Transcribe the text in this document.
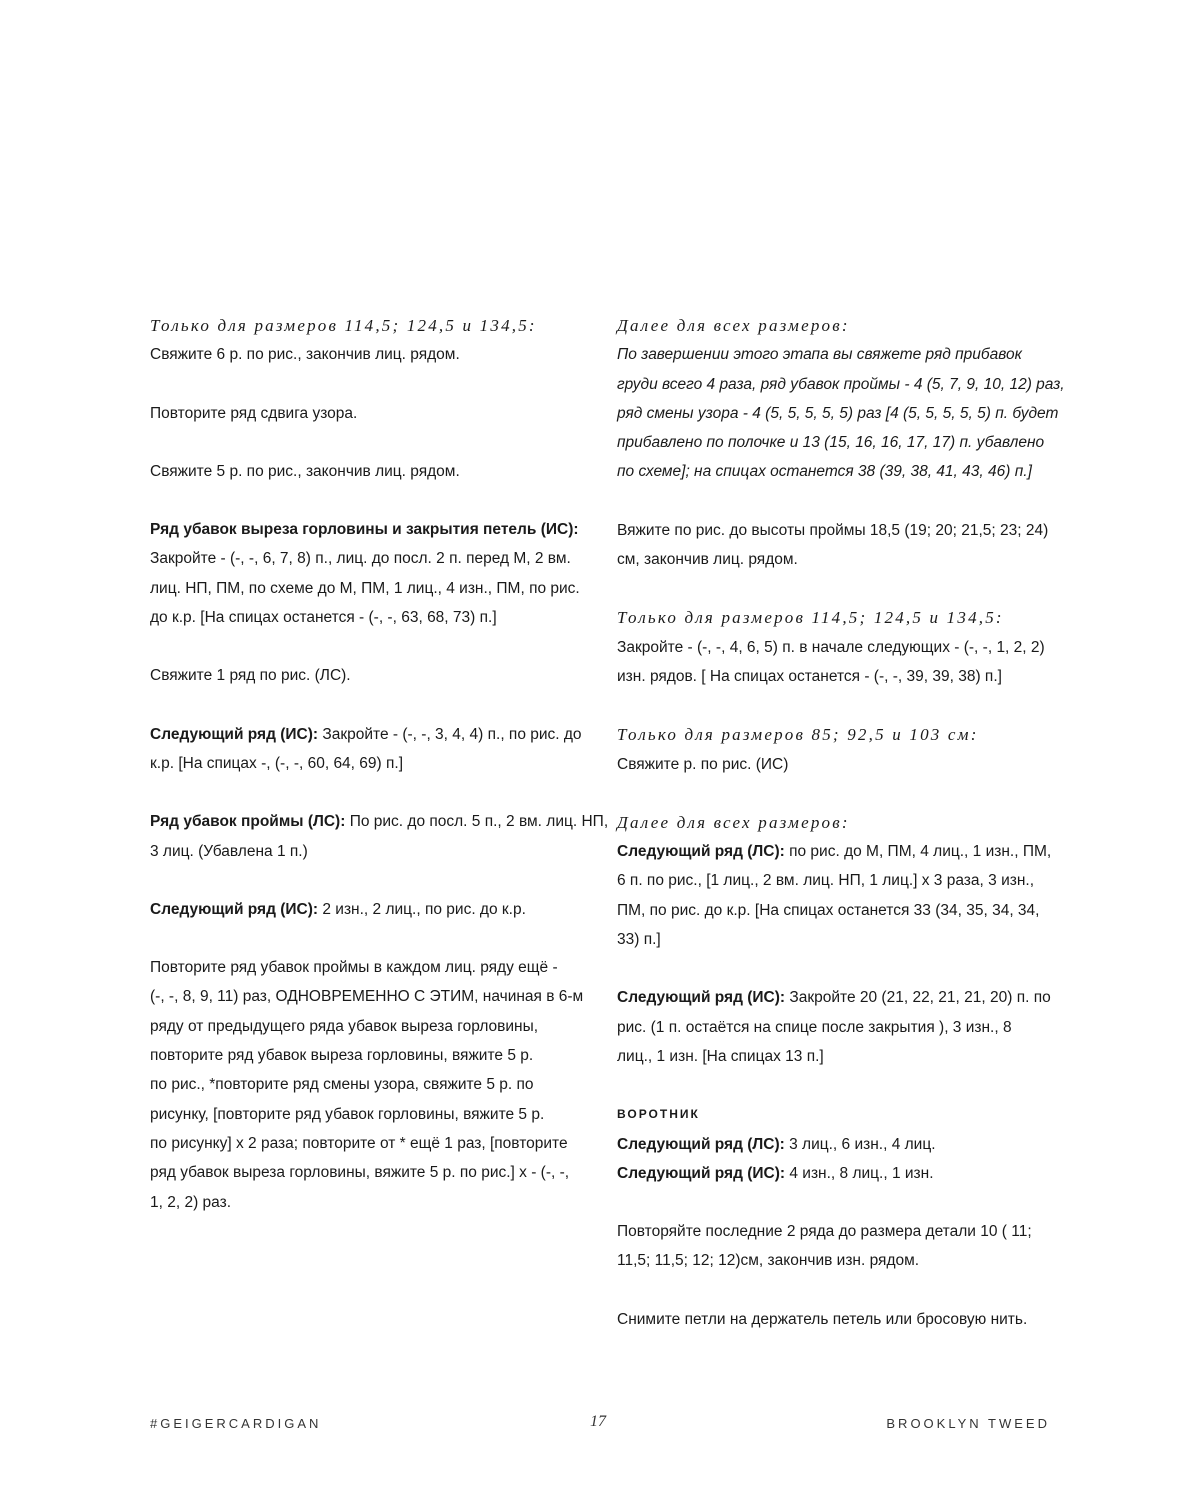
Только для размеров 114,5; 124,5 и 134,5:
Свяжите 6 р. по рис., закончив лиц. рядом.
Повторите ряд сдвига узора.
Свяжите 5 р. по рис., закончив лиц. рядом.
Ряд убавок выреза горловины и закрытия петель (ИС):
Закройте - (-, -, 6, 7, 8) п., лиц. до посл. 2 п. перед М, 2 вм.
лиц. НП, ПМ, по схеме до М, ПМ, 1 лиц., 4 изн., ПМ, по рис.
до к.р. [На спицах останется - (-, -, 63, 68, 73) п.]
Свяжите 1 ряд по рис. (ЛС).
Следующий ряд (ИС): Закройте - (-, -, 3, 4, 4) п., по рис. до
к.р. [На спицах -, (-, -, 60, 64, 69) п.]
Ряд убавок проймы (ЛС): По рис. до посл. 5 п., 2 вм. лиц. НП,
3 лиц. (Убавлена 1 п.)
Следующий ряд (ИС): 2 изн., 2 лиц., по рис. до к.р.
Повторите ряд убавок проймы в каждом лиц. ряду ещё -
(-, -, 8, 9, 11) раз, ОДНОВРЕМЕННО С ЭТИМ, начиная в 6-м
ряду от предыдущего ряда убавок выреза горловины,
повторите ряд убавок выреза горловины, вяжите 5 р.
по рис., *повторите ряд смены узора, свяжите 5 р. по
рисунку, [повторите ряд убавок горловины, вяжите 5 р.
по рисунку] х 2 раза; повторите от * ещё 1 раз, [повторите
ряд убавок выреза горловины, вяжите 5 р. по рис.] х - (-, -,
1, 2, 2) раз.
Далее для всех размеров:
По завершении этого этапа вы свяжете ряд прибавок
груди всего 4 раза, ряд убавок проймы - 4 (5, 7, 9, 10, 12) раз,
ряд смены узора - 4 (5, 5, 5, 5, 5) раз [4 (5, 5, 5, 5, 5) п. будет
прибавлено по полочке и 13 (15, 16, 16, 17, 17) п. убавлено
по схеме]; на спицах останется 38 (39, 38, 41, 43, 46) п.]
Вяжите по рис. до высоты проймы 18,5 (19; 20; 21,5; 23; 24)
см, закончив лиц. рядом.
Только для размеров 114,5; 124,5 и 134,5:
Закройте - (-, -, 4, 6, 5) п. в начале следующих - (-, -, 1, 2, 2)
изн. рядов. [ На спицах останется - (-, -, 39, 39, 38) п.]
Только для размеров 85; 92,5 и 103 см:
Свяжите р. по рис. (ИС)
Далее для всех размеров:
Следующий ряд (ЛС): по рис. до М, ПМ, 4 лиц., 1 изн., ПМ,
6 п. по рис., [1 лиц., 2 вм. лиц. НП, 1 лиц.] х 3 раза, 3 изн.,
ПМ, по рис. до к.р. [На спицах останется 33 (34, 35, 34, 34,
33) п.]
Следующий ряд (ИС): Закройте 20 (21, 22, 21, 21, 20) п. по
рис. (1 п. остаётся на спице после закрытия ), 3 изн., 8
лиц., 1 изн. [На спицах 13 п.]
ВОРОТНИК
Следующий ряд (ЛС): 3 лиц., 6 изн., 4 лиц.
Следующий ряд (ИС): 4 изн., 8 лиц., 1 изн.
Повторяйте последние 2 ряда до размера детали 10 ( 11;
11,5; 11,5; 12; 12)см, закончив изн. рядом.
Снимите петли на держатель петель или бросовую нить.
#GEIGERCARDIGAN	17	BROOKLYN TWEED
